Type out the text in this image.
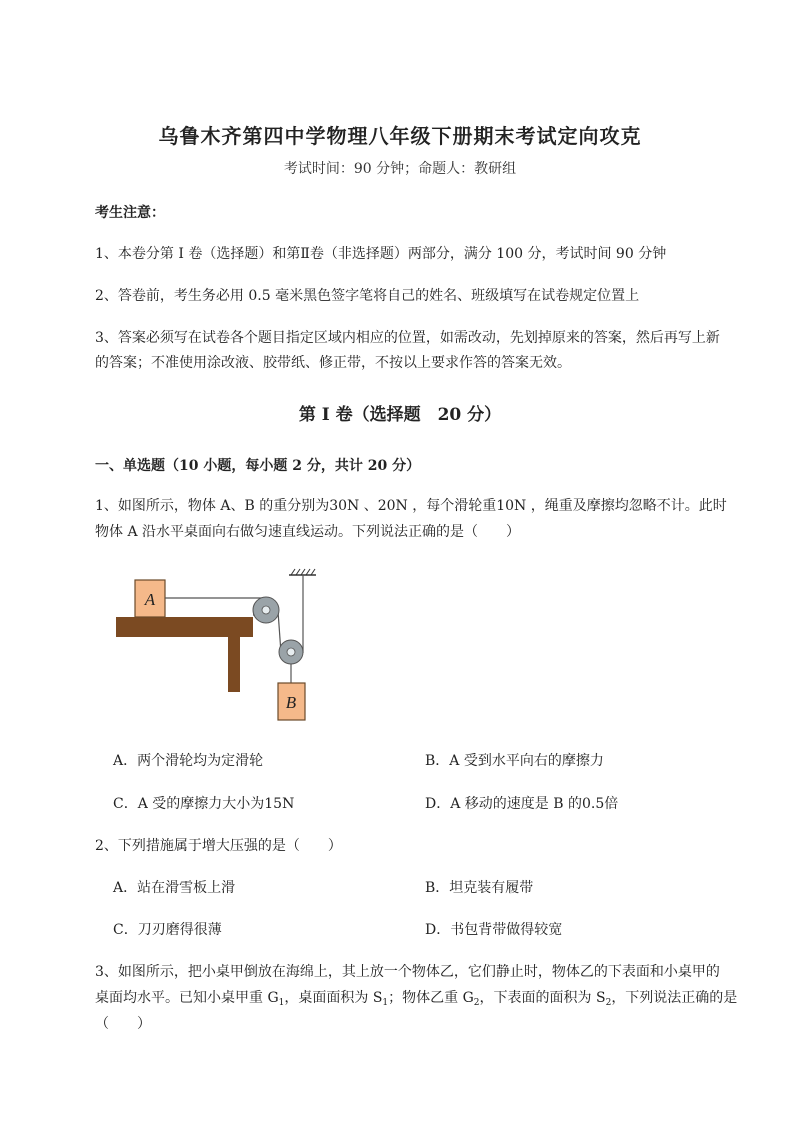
乌鲁木齐第四中学物理八年级下册期末考试定向攻克
考试时间：90 分钟；命题人：教研组
考生注意：
1、本卷分第 I 卷（选择题）和第Ⅱ卷（非选择题）两部分，满分 100 分，考试时间 90 分钟
2、答卷前，考生务必用 0.5 毫米黑色签字笔将自己的姓名、班级填写在试卷规定位置上
3、答案必须写在试卷各个题目指定区域内相应的位置，如需改动，先划掉原来的答案，然后再写上新
的答案；不准使用涂改液、胶带纸、修正带，不按以上要求作答的答案无效。
第 I 卷（选择题　20 分）
一、单选题（10 小题，每小题 2 分，共计 20 分）
1、如图所示，物体 A、B 的重分别为30N 、20N ，每个滑轮重10N ，绳重及摩擦均忽略不计。此时
物体 A 沿水平桌面向右做匀速直线运动。下列说法正确的是（　　）
A
B
A．两个滑轮均为定滑轮	B．A 受到水平向右的摩擦力
C．A 受的摩擦力大小为15N	D．A 移动的速度是 B 的0.5倍
2、下列措施属于增大压强的是（　　）
A．站在滑雪板上滑	B．坦克装有履带
C．刀刃磨得很薄	D．书包背带做得较宽
3、如图所示，把小桌甲倒放在海绵上，其上放一个物体乙，它们静止时，物体乙的下表面和小桌甲的
桌面均水平。已知小桌甲重 $G_1$，桌面面积为 $S_1$；物体乙重 $G_2$，下表面的面积为 $S_2$，下列说法正确的是
（　　）
